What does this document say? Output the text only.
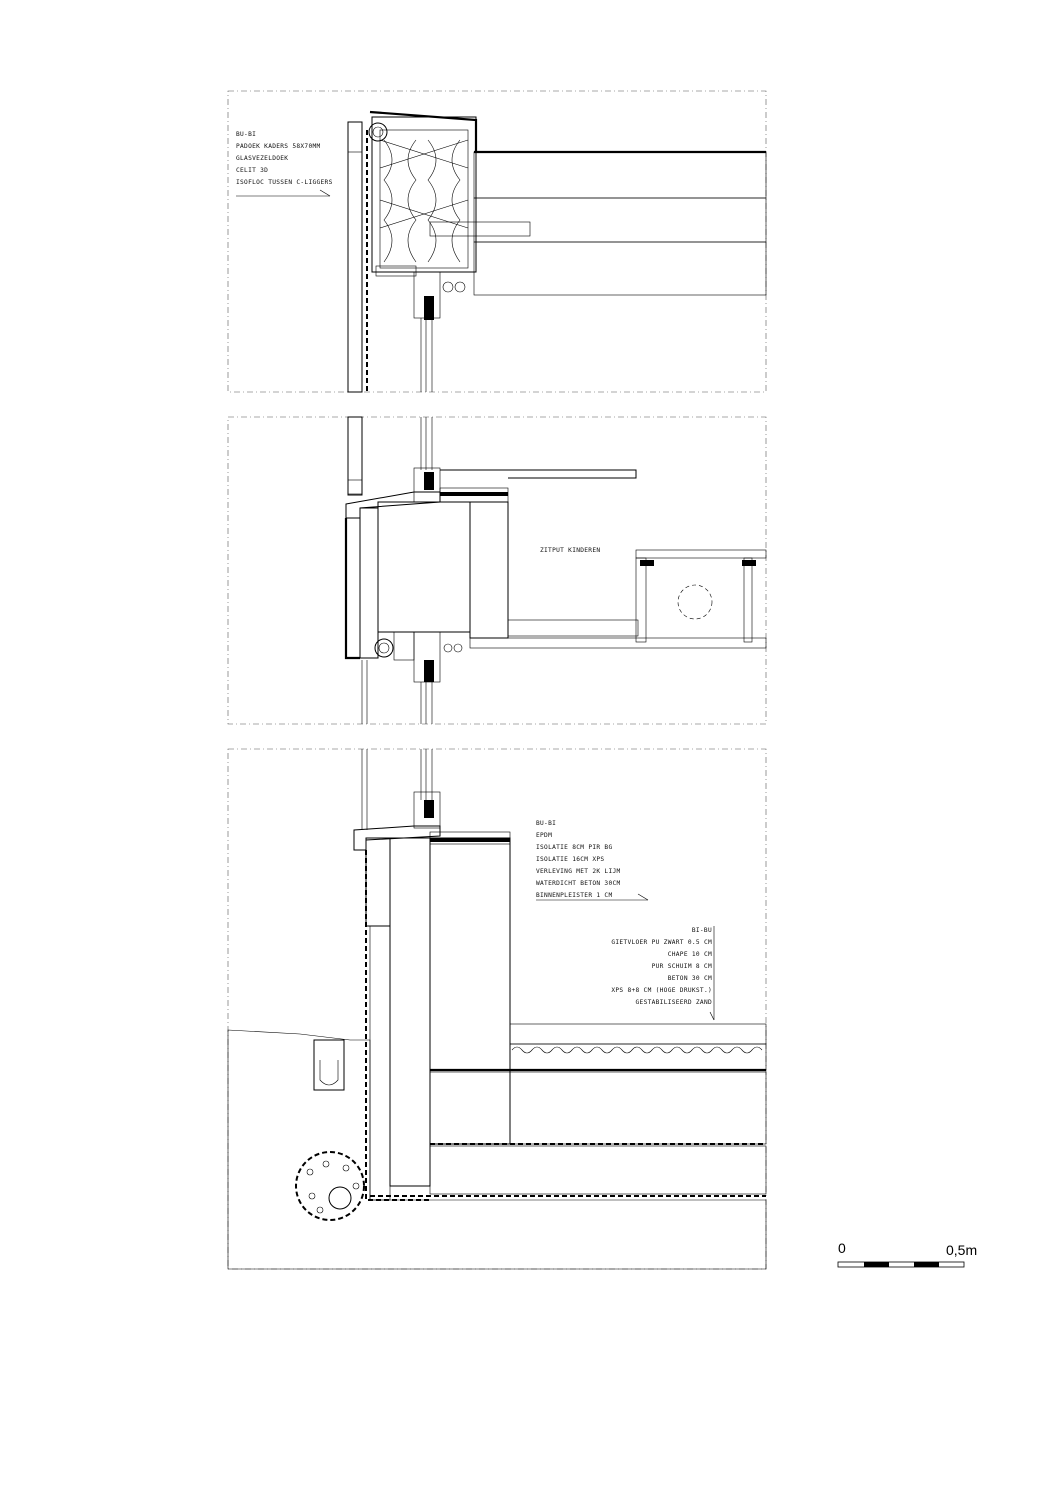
BU-BI
PADOEK KADERS 58X70MM
GLASVEZELDOEK
CELIT 3D
ISOFLOC TUSSEN C-LIGGERS
ZITPUT KINDEREN
BU-BI
EPDM
ISOLATIE 8CM PIR BG
ISOLATIE 16CM XPS
VERLEVING MET 2K LIJM
WATERDICHT BETON 30CM
BINNENPLEISTER 1 CM
BI-BU
GIETVLOER PU ZWART 0.5 CM
CHAPE 10 CM
PUR SCHUIM 8 CM
BETON 30 CM
XPS 8+8 CM (HOGE DRUKST.)
GESTABILISEERD ZAND
0	0,5m
